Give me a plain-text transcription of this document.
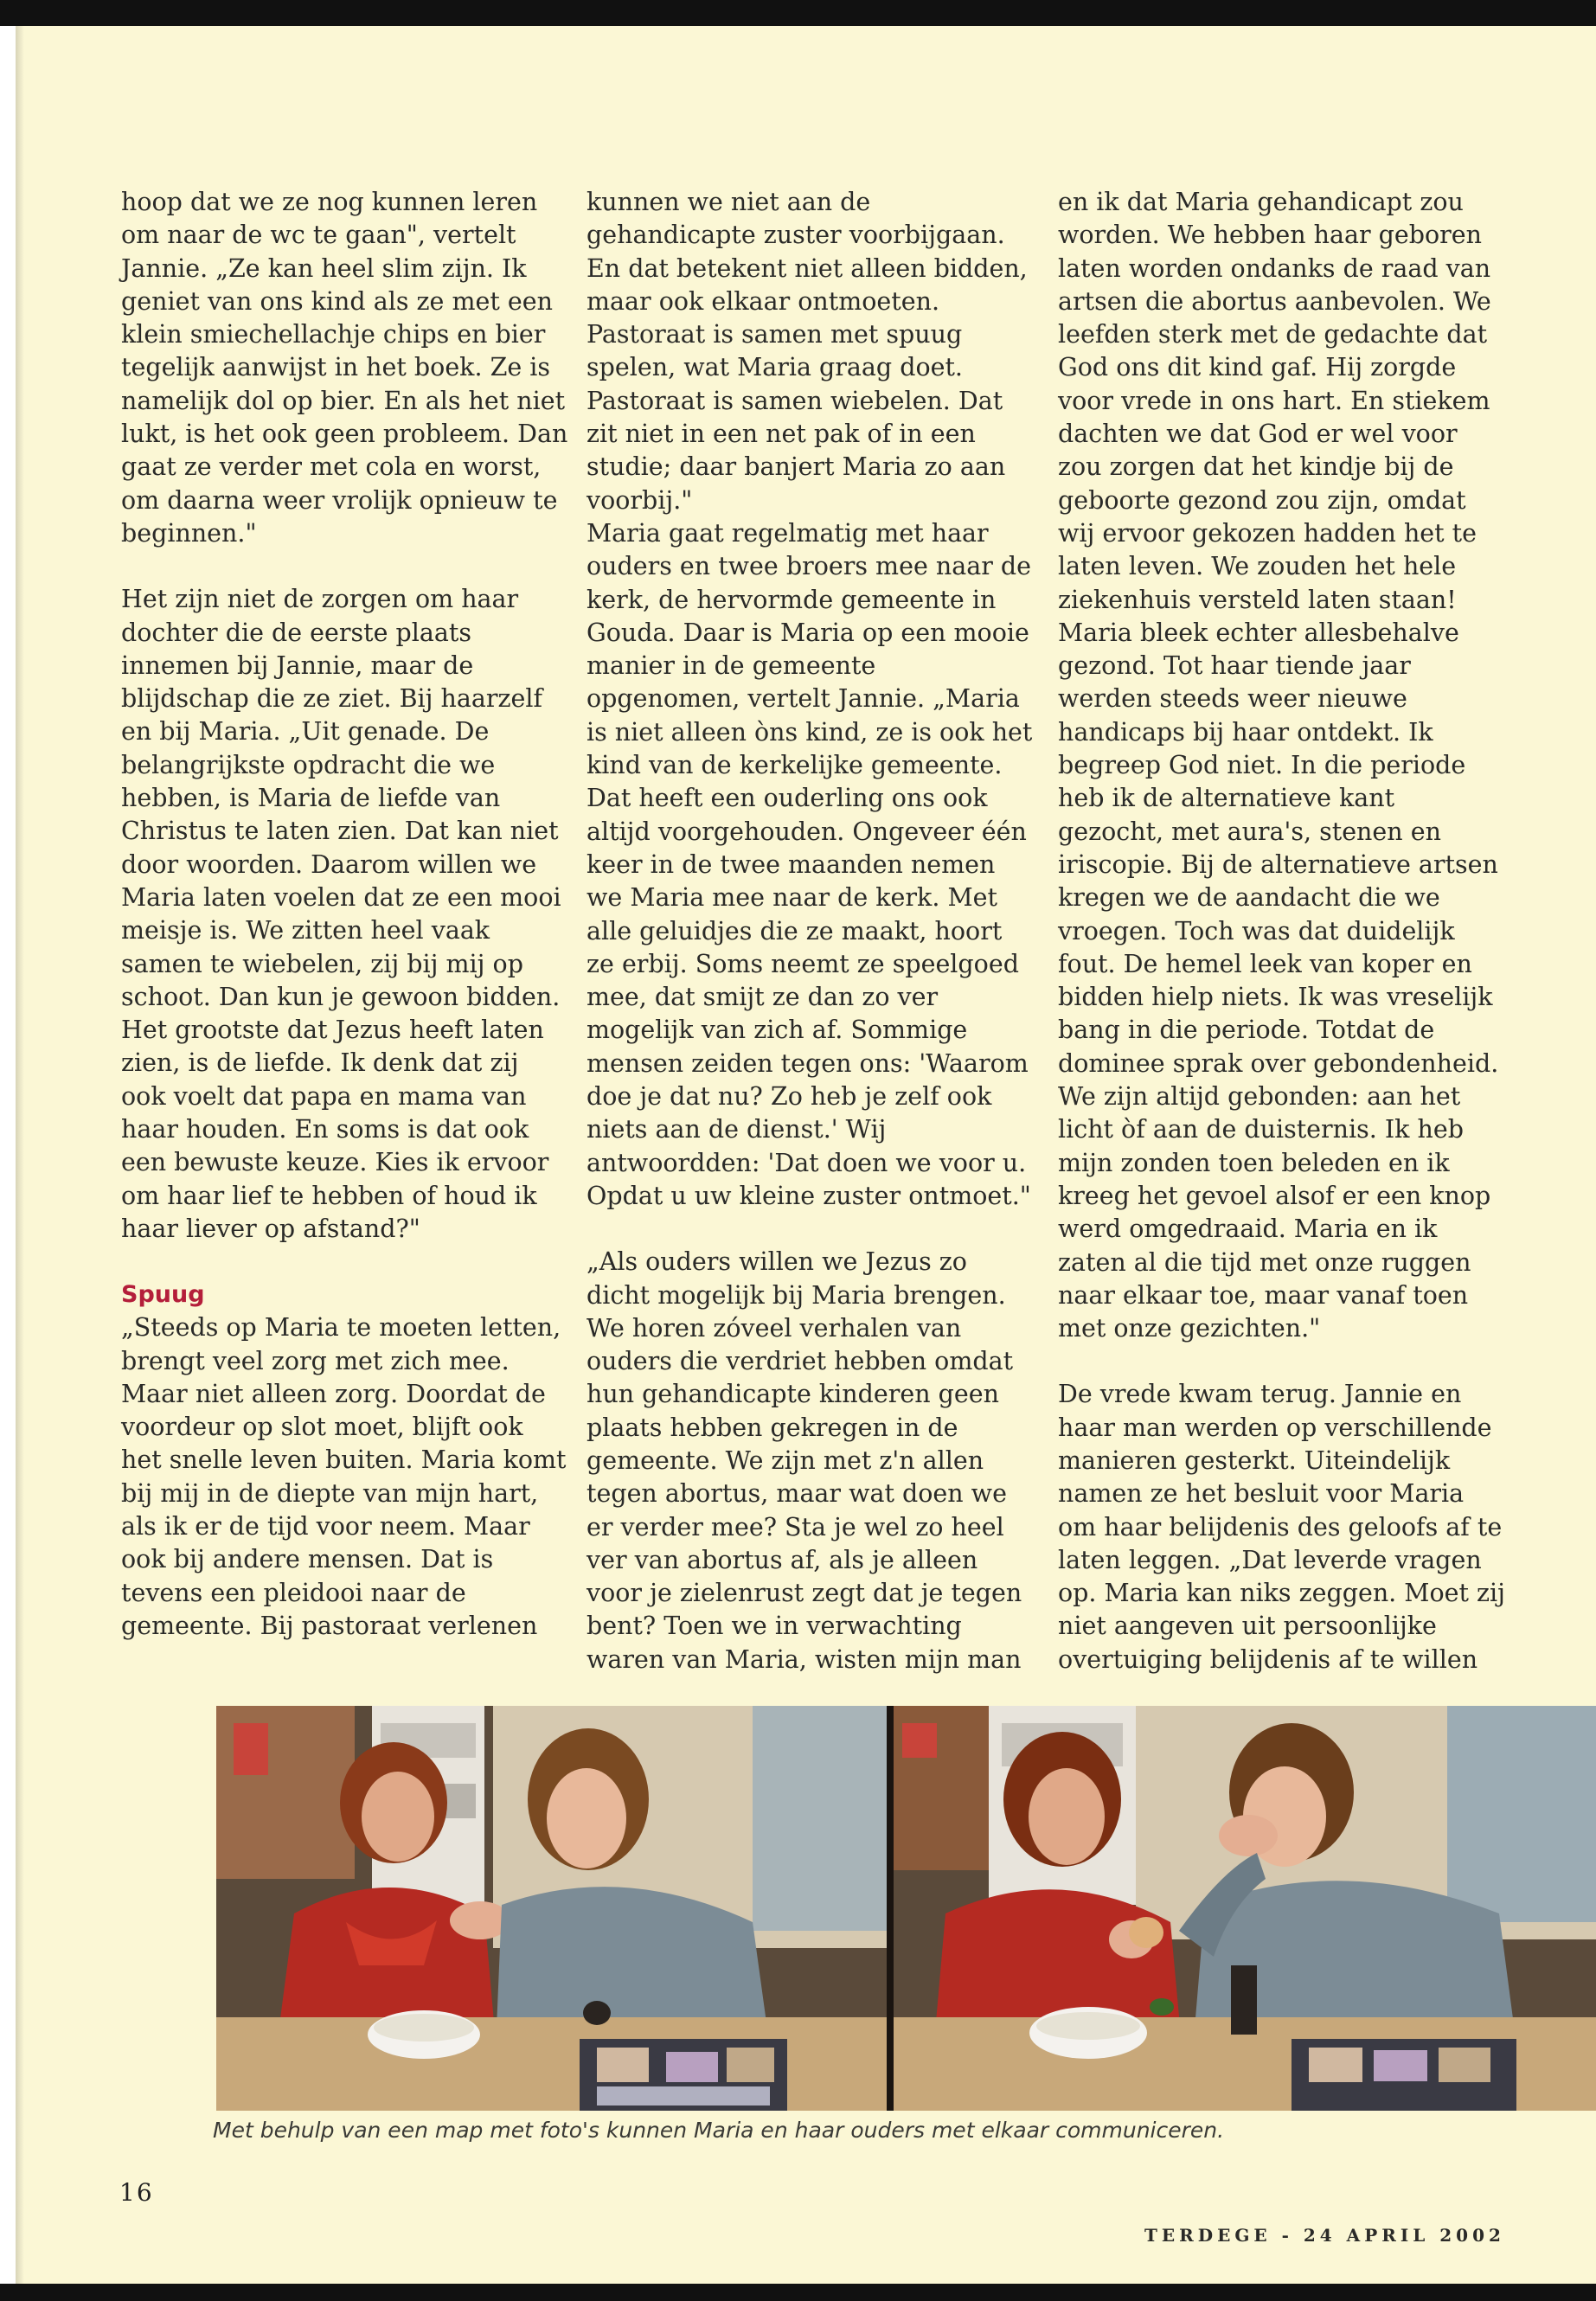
hoop dat we ze nog kunnen leren om naar de wc te gaan", vertelt Jannie. „Ze kan heel slim zijn. Ik geniet van ons kind als ze met een klein smiechellachje chips en bier tegelijk aanwijst in het boek. Ze is namelijk dol op bier. En als het niet lukt, is het ook geen probleem. Dan gaat ze verder met cola en worst, om daarna weer vrolijk opnieuw te beginnen."

Het zijn niet de zorgen om haar dochter die de eerste plaats innemen bij Jannie, maar de blijdschap die ze ziet. Bij haarzelf en bij Maria. „Uit genade. De belangrijkste opdracht die we hebben, is Maria de liefde van Christus te laten zien. Dat kan niet door woorden. Daarom willen we Maria laten voelen dat ze een mooi meisje is. We zitten heel vaak samen te wiebelen, zij bij mij op schoot. Dan kun je gewoon bidden. Het grootste dat Jezus heeft laten zien, is de liefde. Ik denk dat zij ook voelt dat papa en mama van haar houden. En soms is dat ook een bewuste keuze. Kies ik ervoor om haar lief te hebben of houd ik haar liever op afstand?"

Spuug

„Steeds op Maria te moeten letten, brengt veel zorg met zich mee. Maar niet alleen zorg. Doordat de voordeur op slot moet, blijft ook het snelle leven buiten. Maria komt bij mij in de diepte van mijn hart, als ik er de tijd voor neem. Maar ook bij andere mensen. Dat is tevens een pleidooi naar de gemeente. Bij pastoraat verlenen

kunnen we niet aan de gehandicapte zuster voorbijgaan. En dat betekent niet alleen bidden, maar ook elkaar ontmoeten. Pastoraat is samen met spuug spelen, wat Maria graag doet. Pastoraat is samen wiebelen. Dat zit niet in een net pak of in een studie; daar banjert Maria zo aan voorbij."
Maria gaat regelmatig met haar ouders en twee broers mee naar de kerk, de hervormde gemeente in Gouda. Daar is Maria op een mooie manier in de gemeente opgenomen, vertelt Jannie. „Maria is niet alleen òns kind, ze is ook het kind van de kerkelijke gemeente. Dat heeft een ouderling ons ook altijd voorgehouden. Ongeveer één keer in de twee maanden nemen we Maria mee naar de kerk. Met alle geluidjes die ze maakt, hoort ze erbij. Soms neemt ze speelgoed mee, dat smijt ze dan zo ver mogelijk van zich af. Sommige mensen zeiden tegen ons: 'Waarom doe je dat nu? Zo heb je zelf ook niets aan de dienst.' Wij antwoordden: 'Dat doen we voor u. Opdat u uw kleine zuster ontmoet."

„Als ouders willen we Jezus zo dicht mogelijk bij Maria brengen. We horen zóveel verhalen van ouders die verdriet hebben omdat hun gehandicapte kinderen geen plaats hebben gekregen in de gemeente. We zijn met z'n allen tegen abortus, maar wat doen we er verder mee? Sta je wel zo heel ver van abortus af, als je alleen voor je zielenrust zegt dat je tegen bent? Toen we in verwachting waren van Maria, wisten mijn man

en ik dat Maria gehandicapt zou worden. We hebben haar geboren laten worden ondanks de raad van artsen die abortus aanbevolen. We leefden sterk met de gedachte dat God ons dit kind gaf. Hij zorgde voor vrede in ons hart. En stiekem dachten we dat God er wel voor zou zorgen dat het kindje bij de geboorte gezond zou zijn, omdat wij ervoor gekozen hadden het te laten leven. We zouden het hele ziekenhuis versteld laten staan!
Maria bleek echter allesbehalve gezond. Tot haar tiende jaar werden steeds weer nieuwe handicaps bij haar ontdekt. Ik begreep God niet. In die periode heb ik de alternatieve kant gezocht, met aura's, stenen en iriscopie. Bij de alternatieve artsen kregen we de aandacht die we vroegen. Toch was dat duidelijk fout. De hemel leek van koper en bidden hielp niets. Ik was vreselijk bang in die periode. Totdat de dominee sprak over gebondenheid. We zijn altijd gebonden: aan het licht òf aan de duisternis. Ik heb mijn zonden toen beleden en ik kreeg het gevoel alsof er een knop werd omgedraaid. Maria en ik zaten al die tijd met onze ruggen naar elkaar toe, maar vanaf toen met onze gezichten."

De vrede kwam terug. Jannie en haar man werden op verschillende manieren gesterkt. Uiteindelijk namen ze het besluit voor Maria om haar belijdenis des geloofs af te laten leggen. „Dat leverde vragen op. Maria kan niks zeggen. Moet zij niet aangeven uit persoonlijke overtuiging belijdenis af te willen

Met behulp van een map met foto's kunnen Maria en haar ouders met elkaar communiceren.
16
TERDEGE - 24 APRIL 2002
